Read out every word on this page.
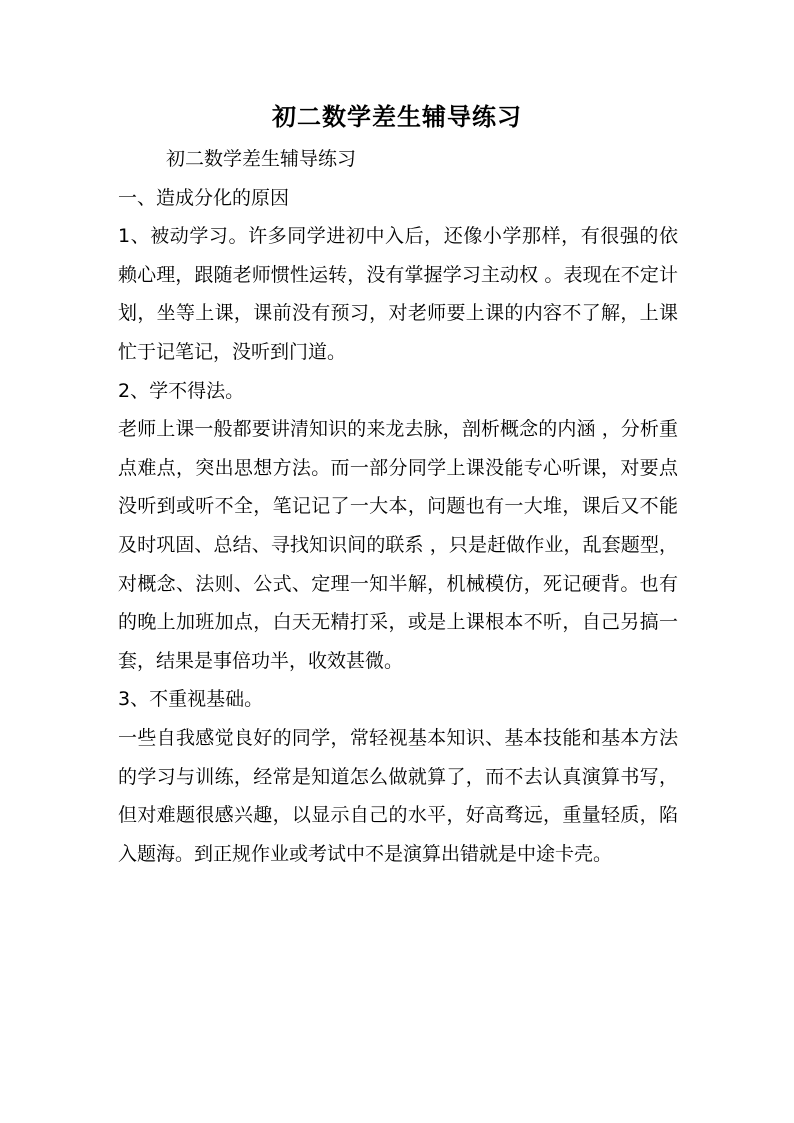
初二数学差生辅导练习

初二数学差生辅导练习

一、造成分化的原因

1、被动学习。许多同学进初中入后，还像小学那样，有很强的依赖心理，跟随老师惯性运转，没有掌握学习主动权 。表现在不定计划，坐等上课，课前没有预习，对老师要上课的内容不了解，上课忙于记笔记，没听到门道。

2、学不得法。

老师上课一般都要讲清知识的来龙去脉，剖析概念的内涵 ，分析重点难点，突出思想方法。而一部分同学上课没能专心听课，对要点没听到或听不全，笔记记了一大本，问题也有一大堆，课后又不能及时巩固、总结、寻找知识间的联系 ，只是赶做作业，乱套题型，对概念、法则、公式、定理一知半解，机械模仿，死记硬背。也有的晚上加班加点，白天无精打采，或是上课根本不听，自己另搞一套，结果是事倍功半，收效甚微。

3、不重视基础。

一些自我感觉良好的同学，常轻视基本知识、基本技能和基本方法的学习与训练，经常是知道怎么做就算了，而不去认真演算书写，但对难题很感兴趣，以显示自己的水平，好高骛远，重量轻质，陷入题海。到正规作业或考试中不是演算出错就是中途卡壳。
